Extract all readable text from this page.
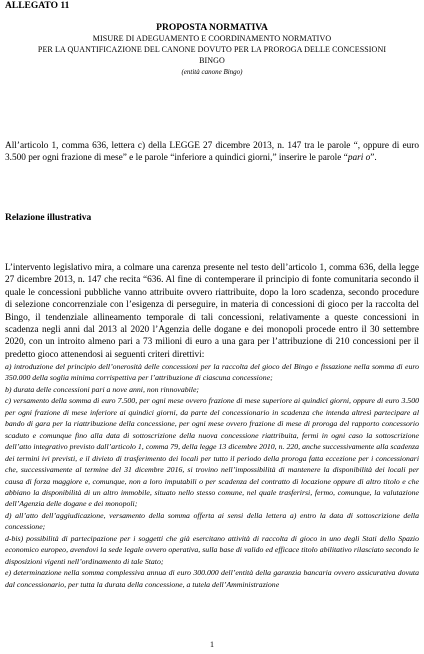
ALLEGATO 11
PROPOSTA NORMATIVA
MISURE DI ADEGUAMENTO E COORDINAMENTO NORMATIVO
PER LA QUANTIFICAZIONE DEL CANONE DOVUTO PER LA PROROGA DELLE CONCESSIONI
BINGO
(entità canone Bingo)
All’articolo 1, comma 636, lettera c) della LEGGE 27 dicembre 2013, n. 147 tra le parole “, oppure di euro 3.500 per ogni frazione di mese” e le parole “inferiore a quindici giorni,” inserire le parole “pari o”.
Relazione illustrativa
L’intervento legislativo mira, a colmare una carenza presente nel testo dell’articolo 1, comma 636, della legge 27 dicembre 2013, n. 147 che recita “636. Al fine di contemperare il principio di fonte comunitaria secondo il quale le concessioni pubbliche vanno attribuite ovvero riattribuite, dopo la loro scadenza, secondo procedure di selezione concorrenziale con l’esigenza di perseguire, in materia di concessioni di gioco per la raccolta del Bingo, il tendenziale allineamento temporale di tali concessioni, relativamente a queste concessioni in scadenza negli anni dal 2013 al 2020 l’Agenzia delle dogane e dei monopoli procede entro il 30 settembre 2020, con un introito almeno pari a 73 milioni di euro a una gara per l’attribuzione di 210 concessioni per il predetto gioco attenendosi ai seguenti criteri direttivi:

a) introduzione del principio dell’onerosità delle concessioni per la raccolta del gioco del Bingo e fissazione nella somma di euro 350.000 della soglia minima corrispettiva per l’attribuzione di ciascuna concessione;

b) durata delle concessioni pari a nove anni, non rinnovabile;

c) versamento della somma di euro 7.500, per ogni mese ovvero frazione di mese superiore ai quindici giorni, oppure di euro 3.500 per ogni frazione di mese inferiore ai quindici giorni, da parte del concessionario in scadenza che intenda altresì partecipare al bando di gara per la riattribuzione della concessione, per ogni mese ovvero frazione di mese di proroga del rapporto concessorio scaduto e comunque fino alla data di sottoscrizione della nuova concessione riattribuita, fermi in ogni caso la sottoscrizione dell’atto integrativo previsto dall’articolo 1, comma 79, della legge 13 dicembre 2010, n. 220, anche successivamente alla scadenza dei termini ivi previsti, e il divieto di trasferimento dei locali per tutto il periodo della proroga fatta eccezione per i concessionari che, successivamente al termine del 31 dicembre 2016, si trovino nell’impossibilità di mantenere la disponibilità dei locali per causa di forza maggiore e, comunque, non a loro imputabili o per scadenza del contratto di locazione oppure di altro titolo e che abbiano la disponibilità di un altro immobile, situato nello stesso comune, nel quale trasferirsi, fermo, comunque, la valutazione dell’Agenzia delle dogane e dei monopoli;

d) all’atto dell’aggiudicazione, versamento della somma offerta ai sensi della lettera a) entro la data di sottoscrizione della concessione;

d-bis) possibilità di partecipazione per i soggetti che già esercitano attività di raccolta di gioco in uno degli Stati dello Spazio economico europeo, avendovi la sede legale ovvero operativa, sulla base di valido ed efficace titolo abilitativo rilasciato secondo le disposizioni vigenti nell’ordinamento di tale Stato;

e) determinazione nella somma complessiva annua di euro 300.000 dell’entità della garanzia bancaria ovvero assicurativa dovuta dal concessionario, per tutta la durata della concessione, a tutela dell’Amministrazione

1
